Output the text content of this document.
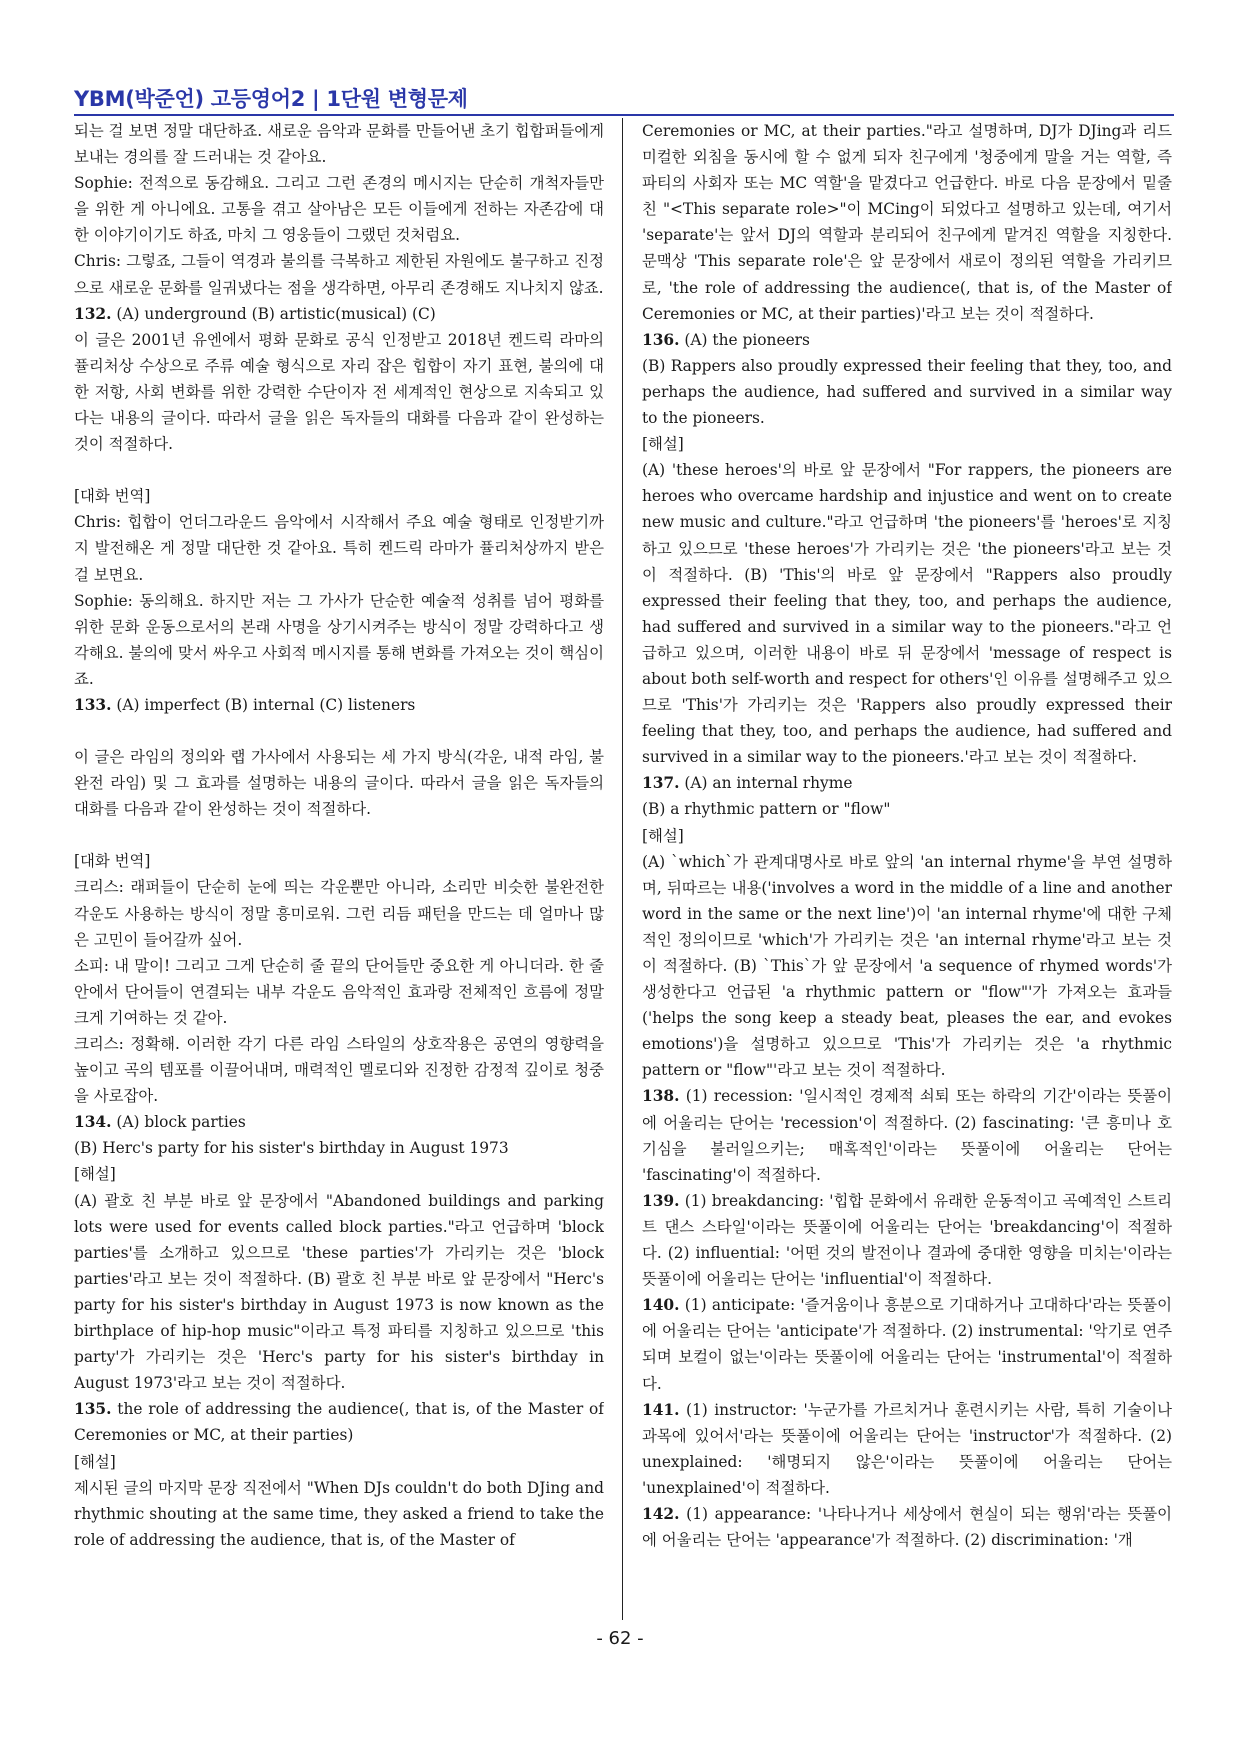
YBM(박준언) 고등영어2 | 1단원 변형문제

되는 걸 보면 정말 대단하죠. 새로운 음악과 문화를 만들어낸 초기 힙합퍼들에게 보내는 경의를 잘 드러내는 것 같아요.

Sophie: 전적으로 동감해요. 그리고 그런 존경의 메시지는 단순히 개척자들만을 위한 게 아니에요. 고통을 겪고 살아남은 모든 이들에게 전하는 자존감에 대한 이야기이기도 하죠, 마치 그 영웅들이 그랬던 것처럼요.

Chris: 그렇죠, 그들이 역경과 불의를 극복하고 제한된 자원에도 불구하고 진정으로 새로운 문화를 일궈냈다는 점을 생각하면, 아무리 존경해도 지나치지 않죠.

132. (A) underground (B) artistic(musical) (C)

이 글은 2001년 유엔에서 평화 문화로 공식 인정받고 2018년 켄드릭 라마의 퓰리처상 수상으로 주류 예술 형식으로 자리 잡은 힙합이 자기 표현, 불의에 대한 저항, 사회 변화를 위한 강력한 수단이자 전 세계적인 현상으로 지속되고 있다는 내용의 글이다. 따라서 글을 읽은 독자들의 대화를 다음과 같이 완성하는 것이 적절하다.

[대화 번역]

Chris: 힙합이 언더그라운드 음악에서 시작해서 주요 예술 형태로 인정받기까지 발전해온 게 정말 대단한 것 같아요. 특히 켄드릭 라마가 퓰리처상까지 받은 걸 보면요.

Sophie: 동의해요. 하지만 저는 그 가사가 단순한 예술적 성취를 넘어 평화를 위한 문화 운동으로서의 본래 사명을 상기시켜주는 방식이 정말 강력하다고 생각해요. 불의에 맞서 싸우고 사회적 메시지를 통해 변화를 가져오는 것이 핵심이죠.

133. (A) imperfect (B) internal (C) listeners

이 글은 라임의 정의와 랩 가사에서 사용되는 세 가지 방식(각운, 내적 라임, 불완전 라임) 및 그 효과를 설명하는 내용의 글이다. 따라서 글을 읽은 독자들의 대화를 다음과 같이 완성하는 것이 적절하다.

[대화 번역]

크리스: 래퍼들이 단순히 눈에 띄는 각운뿐만 아니라, 소리만 비슷한 불완전한 각운도 사용하는 방식이 정말 흥미로워. 그런 리듬 패턴을 만드는 데 얼마나 많은 고민이 들어갈까 싶어.

소피: 내 말이! 그리고 그게 단순히 줄 끝의 단어들만 중요한 게 아니더라. 한 줄 안에서 단어들이 연결되는 내부 각운도 음악적인 효과랑 전체적인 흐름에 정말 크게 기여하는 것 같아.

크리스: 정확해. 이러한 각기 다른 라임 스타일의 상호작용은 공연의 영향력을 높이고 곡의 템포를 이끌어내며, 매력적인 멜로디와 진정한 감정적 깊이로 청중을 사로잡아.

134. (A) block parties

(B) Herc's party for his sister's birthday in August 1973

[해설]

(A) 괄호 친 부분 바로 앞 문장에서 "Abandoned buildings and parking lots were used for events called block parties."라고 언급하며 'block parties'를 소개하고 있으므로 'these parties'가 가리키는 것은 'block parties'라고 보는 것이 적절하다. (B) 괄호 친 부분 바로 앞 문장에서 "Herc's party for his sister's birthday in August 1973 is now known as the birthplace of hip-hop music"이라고 특정 파티를 지칭하고 있으므로 'this party'가 가리키는 것은 'Herc's party for his sister's birthday in August 1973'라고 보는 것이 적절하다.

135. the role of addressing the audience(, that is, of the Master of Ceremonies or MC, at their parties)

[해설]

제시된 글의 마지막 문장 직전에서 "When DJs couldn't do both DJing and rhythmic shouting at the same time, they asked a friend to take the role of addressing the audience, that is, of the Master of

Ceremonies or MC, at their parties."라고 설명하며, DJ가 DJing과 리드미컬한 외침을 동시에 할 수 없게 되자 친구에게 '청중에게 말을 거는 역할, 즉 파티의 사회자 또는 MC 역할'을 맡겼다고 언급한다. 바로 다음 문장에서 밑줄 친 "<This separate role>"이 MCing이 되었다고 설명하고 있는데, 여기서 'separate'는 앞서 DJ의 역할과 분리되어 친구에게 맡겨진 역할을 지칭한다. 문맥상 'This separate role'은 앞 문장에서 새로이 정의된 역할을 가리키므로, 'the role of addressing the audience(, that is, of the Master of Ceremonies or MC, at their parties)'라고 보는 것이 적절하다.

136. (A) the pioneers

(B) Rappers also proudly expressed their feeling that they, too, and perhaps the audience, had suffered and survived in a similar way to the pioneers.

[해설]

(A) 'these heroes'의 바로 앞 문장에서 "For rappers, the pioneers are heroes who overcame hardship and injustice and went on to create new music and culture."라고 언급하며 'the pioneers'를 'heroes'로 지칭하고 있으므로 'these heroes'가 가리키는 것은 'the pioneers'라고 보는 것이 적절하다. (B) 'This'의 바로 앞 문장에서 "Rappers also proudly expressed their feeling that they, too, and perhaps the audience, had suffered and survived in a similar way to the pioneers."라고 언급하고 있으며, 이러한 내용이 바로 뒤 문장에서 'message of respect is about both self-worth and respect for others'인 이유를 설명해주고 있으므로 'This'가 가리키는 것은 'Rappers also proudly expressed their feeling that they, too, and perhaps the audience, had suffered and survived in a similar way to the pioneers.'라고 보는 것이 적절하다.

137. (A) an internal rhyme

(B) a rhythmic pattern or "flow"

[해설]

(A) `which`가 관계대명사로 바로 앞의 'an internal rhyme'을 부연 설명하며, 뒤따르는 내용('involves a word in the middle of a line and another word in the same or the next line')이 'an internal rhyme'에 대한 구체적인 정의이므로 'which'가 가리키는 것은 'an internal rhyme'라고 보는 것이 적절하다. (B) `This`가 앞 문장에서 'a sequence of rhymed words'가 생성한다고 언급된 'a rhythmic pattern or "flow"'가 가져오는 효과들('helps the song keep a steady beat, pleases the ear, and evokes emotions')을 설명하고 있으므로 'This'가 가리키는 것은 'a rhythmic pattern or "flow"'라고 보는 것이 적절하다.

138. (1) recession: '일시적인 경제적 쇠퇴 또는 하락의 기간'이라는 뜻풀이에 어울리는 단어는 'recession'이 적절하다. (2) fascinating: '큰 흥미나 호기심을 불러일으키는; 매혹적인'이라는 뜻풀이에 어울리는 단어는 'fascinating'이 적절하다.

139. (1) breakdancing: '힙합 문화에서 유래한 운동적이고 곡예적인 스트리트 댄스 스타일'이라는 뜻풀이에 어울리는 단어는 'breakdancing'이 적절하다. (2) influential: '어떤 것의 발전이나 결과에 중대한 영향을 미치는'이라는 뜻풀이에 어울리는 단어는 'influential'이 적절하다.

140. (1) anticipate: '즐거움이나 흥분으로 기대하거나 고대하다'라는 뜻풀이에 어울리는 단어는 'anticipate'가 적절하다. (2) instrumental: '악기로 연주되며 보컬이 없는'이라는 뜻풀이에 어울리는 단어는 'instrumental'이 적절하다.

141. (1) instructor: '누군가를 가르치거나 훈련시키는 사람, 특히 기술이나 과목에 있어서'라는 뜻풀이에 어울리는 단어는 'instructor'가 적절하다. (2) unexplained: '해명되지 않은'이라는 뜻풀이에 어울리는 단어는 'unexplained'이 적절하다.

142. (1) appearance: '나타나거나 세상에서 현실이 되는 행위'라는 뜻풀이에 어울리는 단어는 'appearance'가 적절하다. (2) discrimination: '개

- 62 -
